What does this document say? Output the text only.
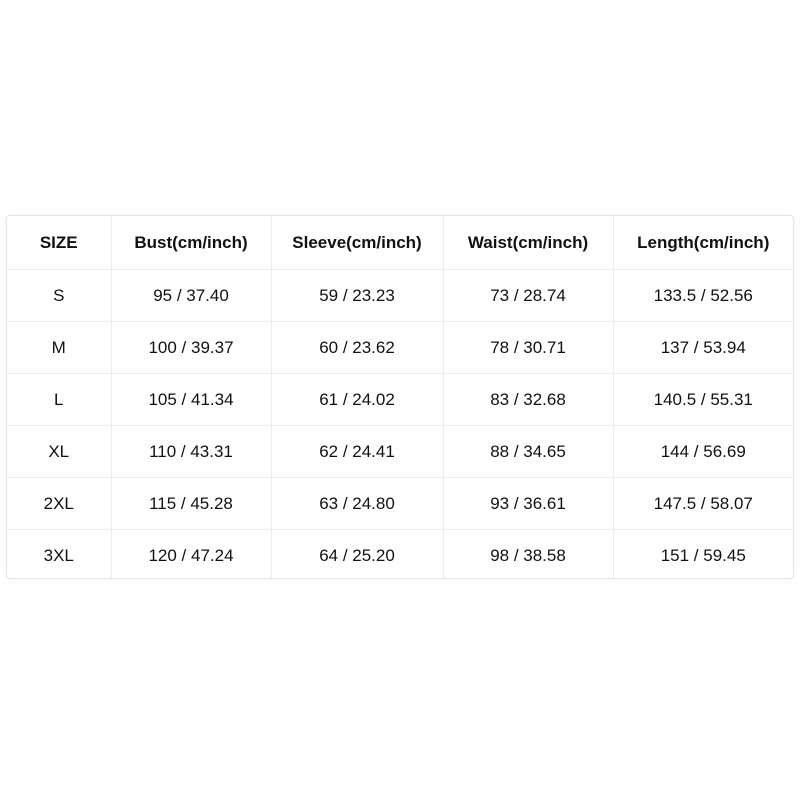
SIZE	Bust(cm/inch)	Sleeve(cm/inch)	Waist(cm/inch)	Length(cm/inch)
S	95 / 37.40	59 / 23.23	73 / 28.74	133.5 / 52.56
M	100 / 39.37	60 / 23.62	78 / 30.71	137 / 53.94
L	105 / 41.34	61 / 24.02	83 / 32.68	140.5 / 55.31
XL	110 / 43.31	62 / 24.41	88 / 34.65	144 / 56.69
2XL	115 / 45.28	63 / 24.80	93 / 36.61	147.5 / 58.07
3XL	120 / 47.24	64 / 25.20	98 / 38.58	151 / 59.45
